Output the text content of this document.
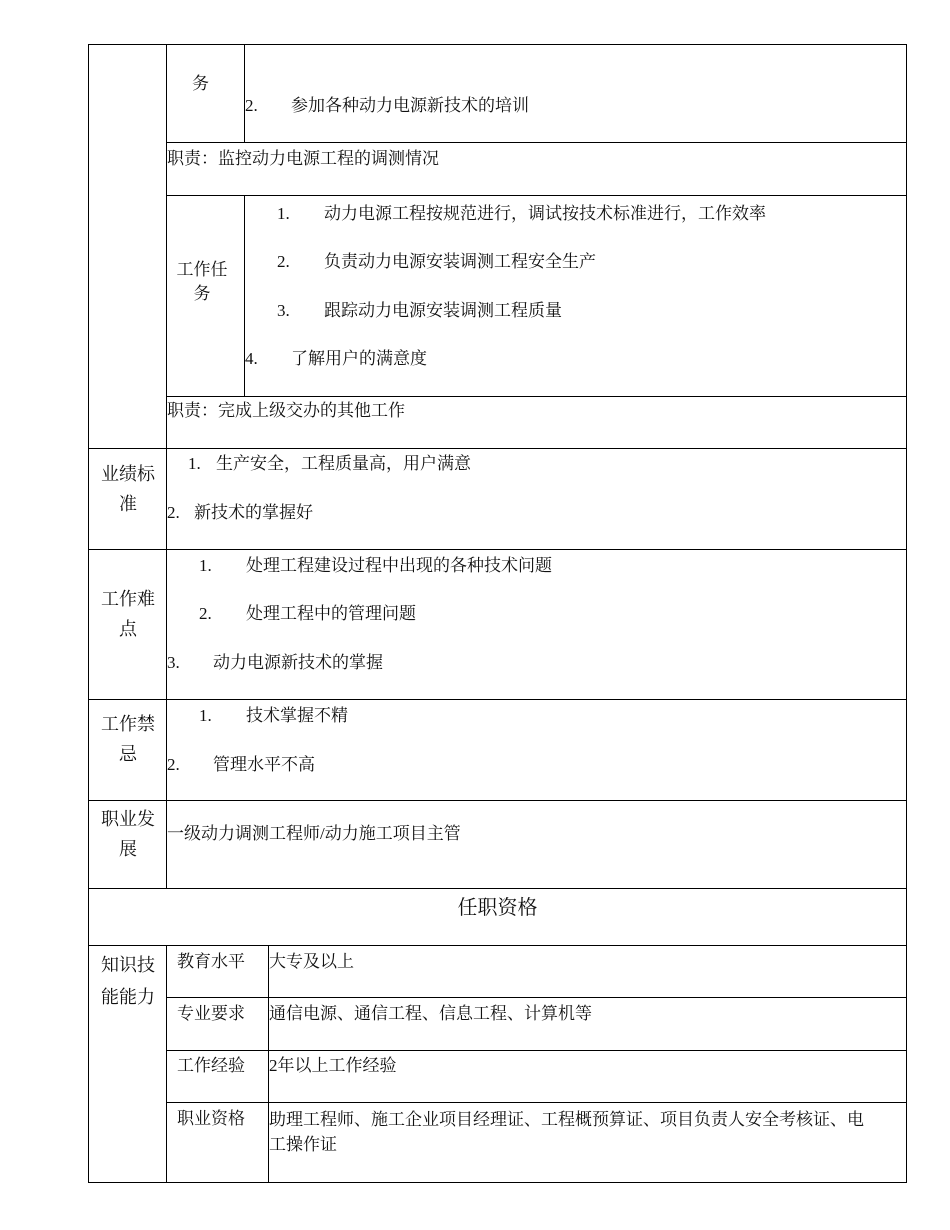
务
2. 参加各种动力电源新技术的培训
职责：监控动力电源工程的调测情况
工作任务
1. 动力电源工程按规范进行，调试按技术标准进行，工作效率
2. 负责动力电源安装调测工程安全生产
3. 跟踪动力电源安装调测工程质量
4. 了解用户的满意度
职责：完成上级交办的其他工作
业绩标准
1. 生产安全，工程质量高，用户满意
2. 新技术的掌握好
工作难点
1. 处理工程建设过程中出现的各种技术问题
2. 处理工程中的管理问题
3. 动力电源新技术的掌握
工作禁忌
1. 技术掌握不精
2. 管理水平不高
职业发展
一级动力调测工程师/动力施工项目主管
任职资格
知识技能能力
教育水平 大专及以上
专业要求 通信电源、通信工程、信息工程、计算机等
工作经验 2年以上工作经验
职业资格 助理工程师、施工企业项目经理证、工程概预算证、项目负责人安全考核证、电工操作证
